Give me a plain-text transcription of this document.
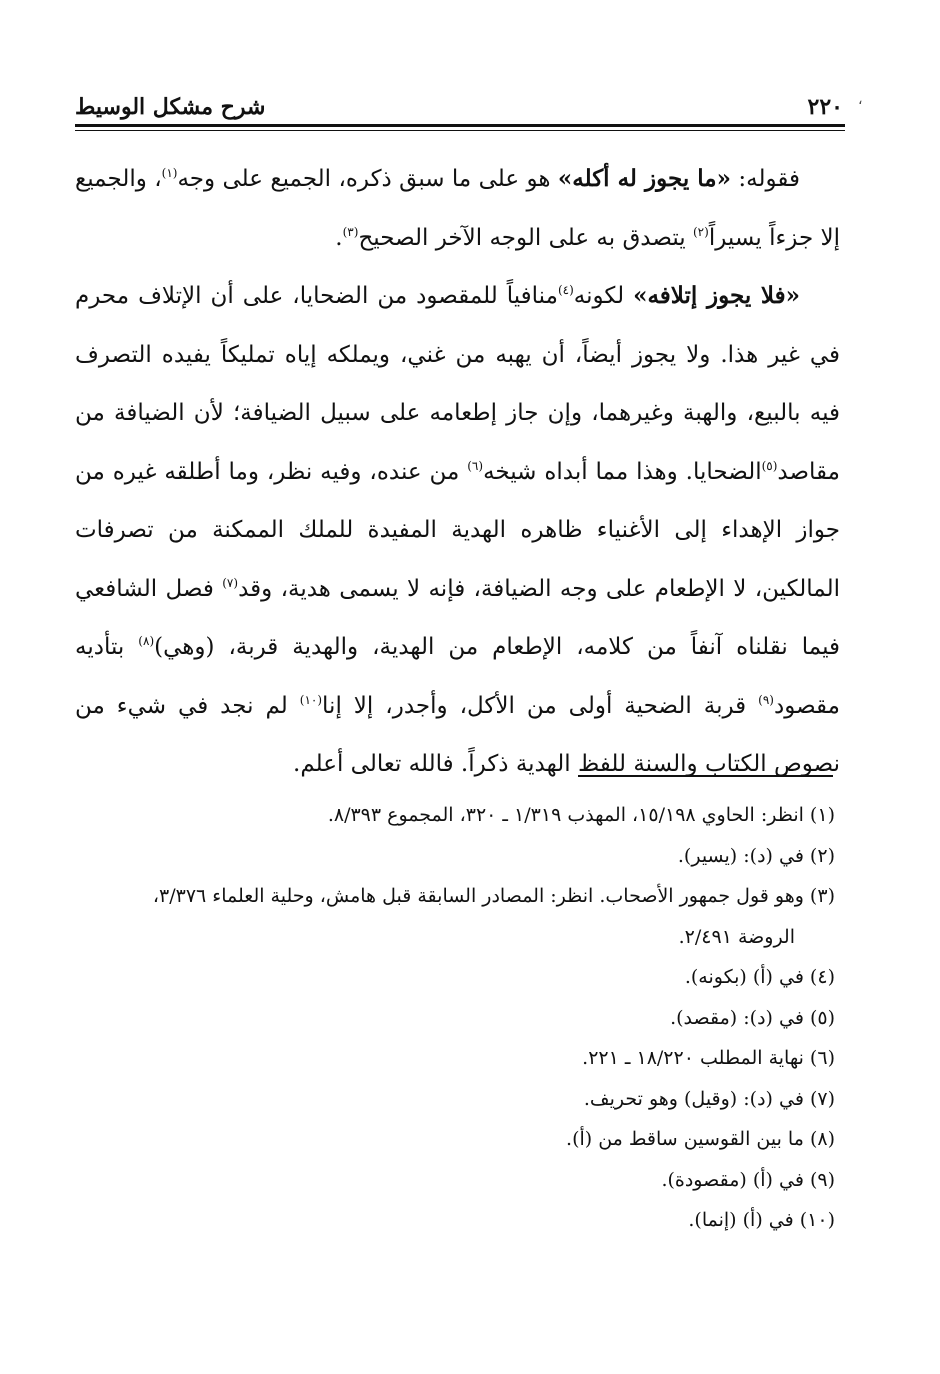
،
٢٢٠
شرح مشكل الوسيط

فقوله: «ما يجوز له أكله» هو على ما سبق ذكره، الجميع على وجه$^{(١)}$، والجميع إلا جزءاً يسيراً$^{(٢)}$ يتصدق به على الوجه الآخر الصحيح$^{(٣)}$.

«فلا يجوز إتلافه» لكونه$^{(٤)}$منافياً للمقصود من الضحايا، على أن الإتلاف محرم في غير هذا. ولا يجوز أيضاً، أن يهبه من غني، ويملكه إياه تمليكاً يفيده التصرف فيه بالبيع، والهبة وغيرهما، وإن جاز إطعامه على سبيل الضيافة؛ لأن الضيافة من مقاصد$^{(٥)}$الضحايا. وهذا مما أبداه شيخه$^{(٦)}$ من عنده، وفيه نظر، وما أطلقه غيره من جواز الإهداء إلى الأغنياء ظاهره الهدية المفيدة للملك الممكنة من تصرفات المالكين، لا الإطعام على وجه الضيافة، فإنه لا يسمى هدية، وقد$^{(٧)}$ فصل الشافعي فيما نقلناه آنفاً من كلامه، الإطعام من الهدية، والهدية قربة، (وهي)$^{(٨)}$ بتأديه مقصود$^{(٩)}$ قربة الضحية أولى من الأكل، وأجدر، إلا إنا$^{(١٠)}$ لم نجد في شيء من نصوص الكتاب والسنة للفظ الهدية ذكراً. فالله تعالى أعلم.

(١) انظر: الحاوي ١٥/١٩٨، المهذب ١/٣١٩ ـ ٣٢٠، المجموع ٨/٣٩٣.
(٢) في (د): (يسير).
(٣) وهو قول جمهور الأصحاب. انظر: المصادر السابقة قبل هامش، وحلية العلماء ٣/٣٧٦،
الروضة ٢/٤٩١.
(٤) في (أ) (بكونه).
(٥) في (د): (مقصد).
(٦) نهاية المطلب ١٨/٢٢٠ ـ ٢٢١.
(٧) في (د): (وقيل) وهو تحريف.
(٨) ما بين القوسين ساقط من (أ).
(٩) في (أ) (مقصودة).
(١٠) في (أ) (إنما).
